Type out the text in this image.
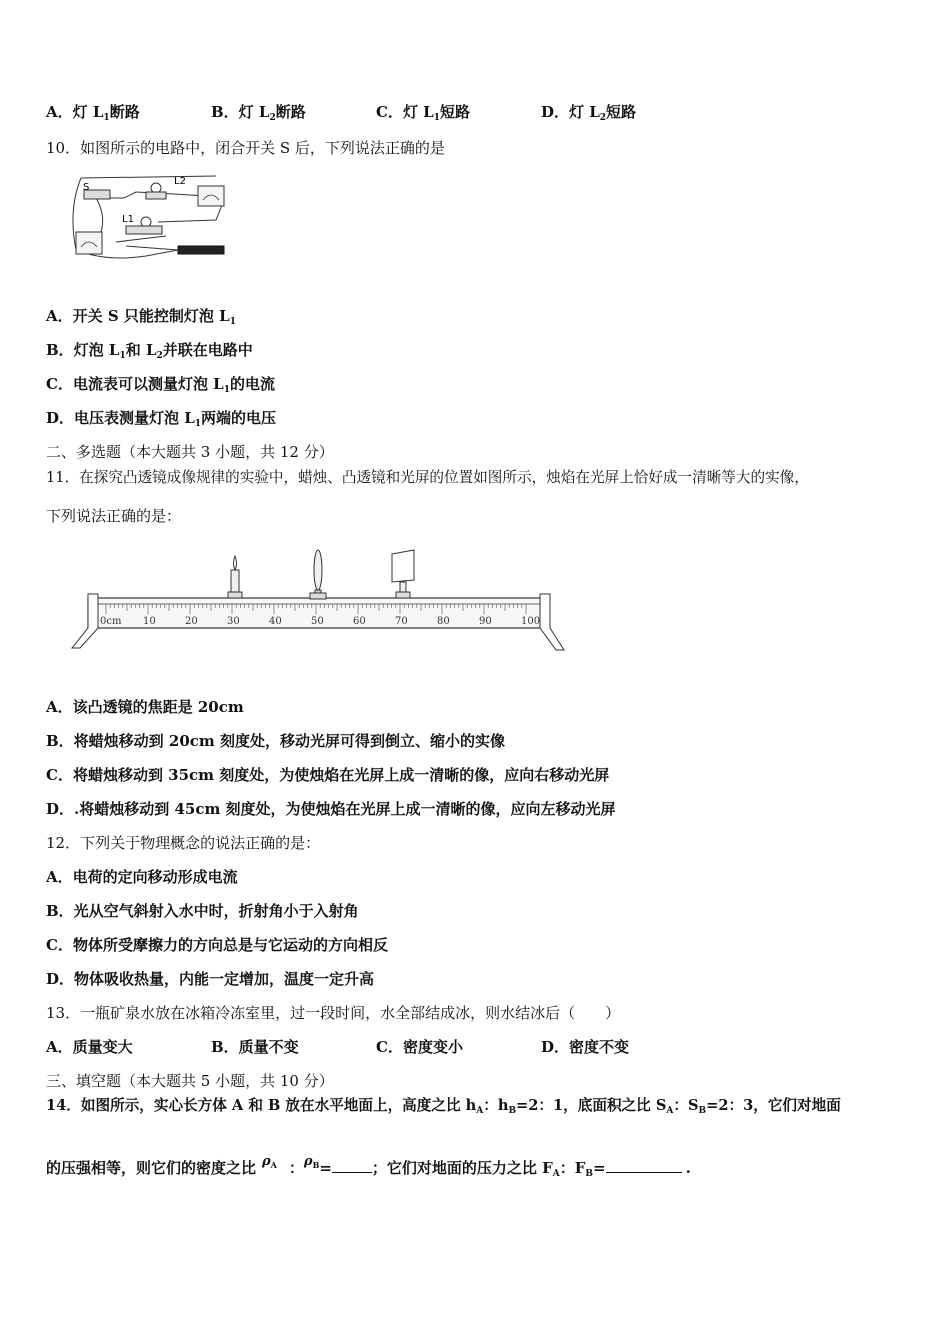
A．灯 $L_1$断路	B．灯 $L_2$断路	C．灯 $L_1$短路	D．灯 $L_2$短路
10．如图所示的电路中，闭合开关 S 后，下列说法正确的是
S
L2
L1
A．开关 S 只能控制灯泡 $L_1$
B．灯泡 $L_1$和 $L_2$并联在电路中
C．电流表可以测量灯泡 $L_1$的电流
D．电压表测量灯泡 $L_1$两端的电压
二、多选题（本大题共 3 小题，共 12 分）
11．在探究凸透镜成像规律的实验中，蜡烛、凸透镜和光屏的位置如图所示，烛焰在光屏上恰好成一清晰等大的实像，
下列说法正确的是：
0cm 10	20	30	40	50	60	70	80	90	100
A．该凸透镜的焦距是 20cm
B．将蜡烛移动到 20cm 刻度处，移动光屏可得到倒立、缩小的实像
C．将蜡烛移动到 35cm 刻度处，为使烛焰在光屏上成一清晰的像，应向右移动光屏
D．.将蜡烛移动到 45cm 刻度处，为使烛焰在光屏上成一清晰的像，应向左移动光屏
12．下列关于物理概念的说法正确的是：
A．电荷的定向移动形成电流
B．光从空气斜射入水中时，折射角小于入射角
C．物体所受摩擦力的方向总是与它运动的方向相反
D．物体吸收热量，内能一定增加，温度一定升高
13．一瓶矿泉水放在冰箱冷冻室里，过一段时间，水全部结成冰，则水结冰后（　　）
A．质量变大	B．质量不变	C．密度变小	D．密度不变
三、填空题（本大题共 5 小题，共 10 分）
14．如图所示，实心长方体 A 和 B 放在水平地面上，高度之比 $h_A$：$h_B=2$：1，底面积之比 $S_A$：$S_B=2$：3，它们对地面
的压强相等，则它们的密度之比 $\rho_A$ ：$\rho_B=$	；它们对地面的压力之比 $F_A$：$F_B=$	.
